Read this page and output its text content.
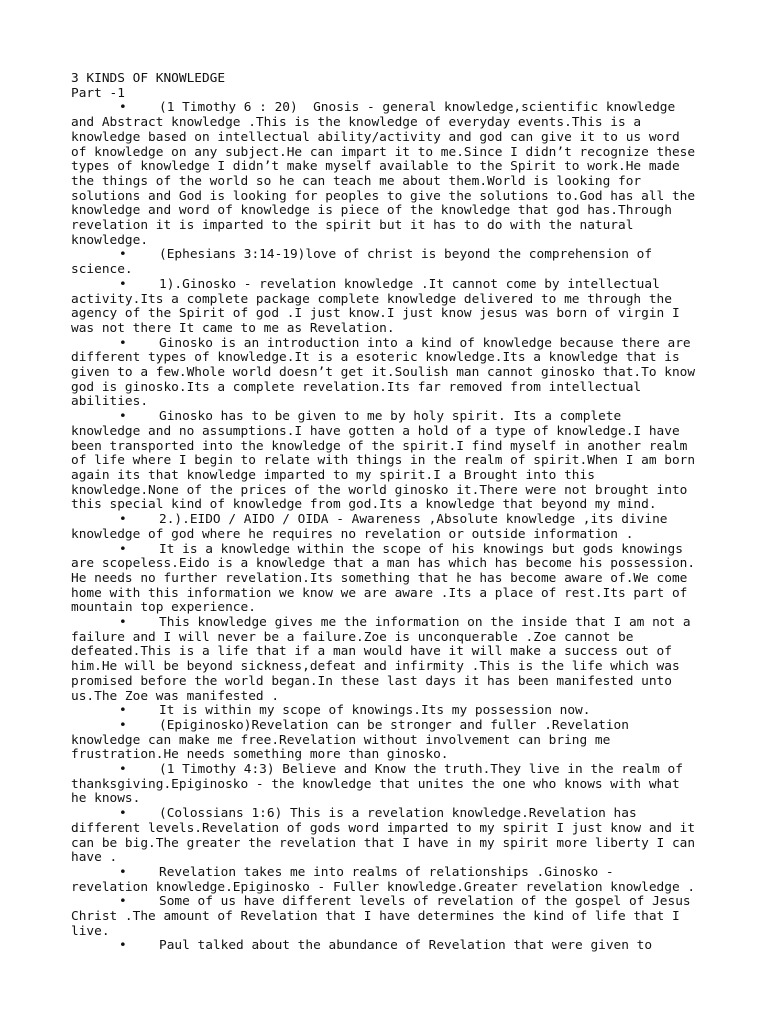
3 KINDS OF KNOWLEDGE

Part -1

•	(1 Timothy 6 : 20)  Gnosis - general knowledge,scientific knowledge and Abstract knowledge .This is the knowledge of everyday events.This is a knowledge based on intellectual ability/activity and god can give it to us word of knowledge on any subject.He can impart it to me.Since I didn’t recognize these types of knowledge I didn’t make myself available to the Spirit to work.He made the things of the world so he can teach me about them.World is looking for solutions and God is looking for peoples to give the solutions to.God has all the knowledge and word of knowledge is piece of the knowledge that god has.Through revelation it is imparted to the spirit but it has to do with the natural knowledge.

•	(Ephesians 3:14-19)love of christ is beyond the comprehension of science.

•	1).Ginosko - revelation knowledge .It cannot come by intellectual activity.Its a complete package complete knowledge delivered to me through the agency of the Spirit of god .I just know.I just know jesus was born of virgin I was not there It came to me as Revelation.

•	Ginosko is an introduction into a kind of knowledge because there are different types of knowledge.It is a esoteric knowledge.Its a knowledge that is given to a few.Whole world doesn’t get it.Soulish man cannot ginosko that.To know god is ginosko.Its a complete revelation.Its far removed from intellectual abilities.

•	Ginosko has to be given to me by holy spirit. Its a complete knowledge and no assumptions.I have gotten a hold of a type of knowledge.I have been transported into the knowledge of the spirit.I find myself in another realm of life where I begin to relate with things in the realm of spirit.When I am born again its that knowledge imparted to my spirit.I a Brought into this knowledge.None of the prices of the world ginosko it.There were not brought into this special kind of knowledge from god.Its a knowledge that beyond my mind.

•	2.).EIDO / AIDO / OIDA - Awareness ,Absolute knowledge ,its divine knowledge of god where he requires no revelation or outside information .

•	It is a knowledge within the scope of his knowings but gods knowings are scopeless.Eido is a knowledge that a man has which has become his possession. He needs no further revelation.Its something that he has become aware of.We come home with this information we know we are aware .Its a place of rest.Its part of mountain top experience.

•	This knowledge gives me the information on the inside that I am not a failure and I will never be a failure.Zoe is unconquerable .Zoe cannot be defeated.This is a life that if a man would have it will make a success out of him.He will be beyond sickness,defeat and infirmity .This is the life which was promised before the world began.In these last days it has been manifested unto us.The Zoe was manifested .

•	It is within my scope of knowings.Its my possession now.

•	(Epiginosko)Revelation can be stronger and fuller .Revelation knowledge can make me free.Revelation without involvement can bring me frustration.He needs something more than ginosko.

•	(1 Timothy 4:3) Believe and Know the truth.They live in the realm of thanksgiving.Epiginosko - the knowledge that unites the one who knows with what he knows.

•	(Colossians 1:6) This is a revelation knowledge.Revelation has different levels.Revelation of gods word imparted to my spirit I just know and it can be big.The greater the revelation that I have in my spirit more liberty I can have .

•	Revelation takes me into realms of relationships .Ginosko - revelation knowledge.Epiginosko - Fuller knowledge.Greater revelation knowledge .

•	Some of us have different levels of revelation of the gospel of Jesus Christ .The amount of Revelation that I have determines the kind of life that I live.

•	Paul talked about the abundance of Revelation that were given to
